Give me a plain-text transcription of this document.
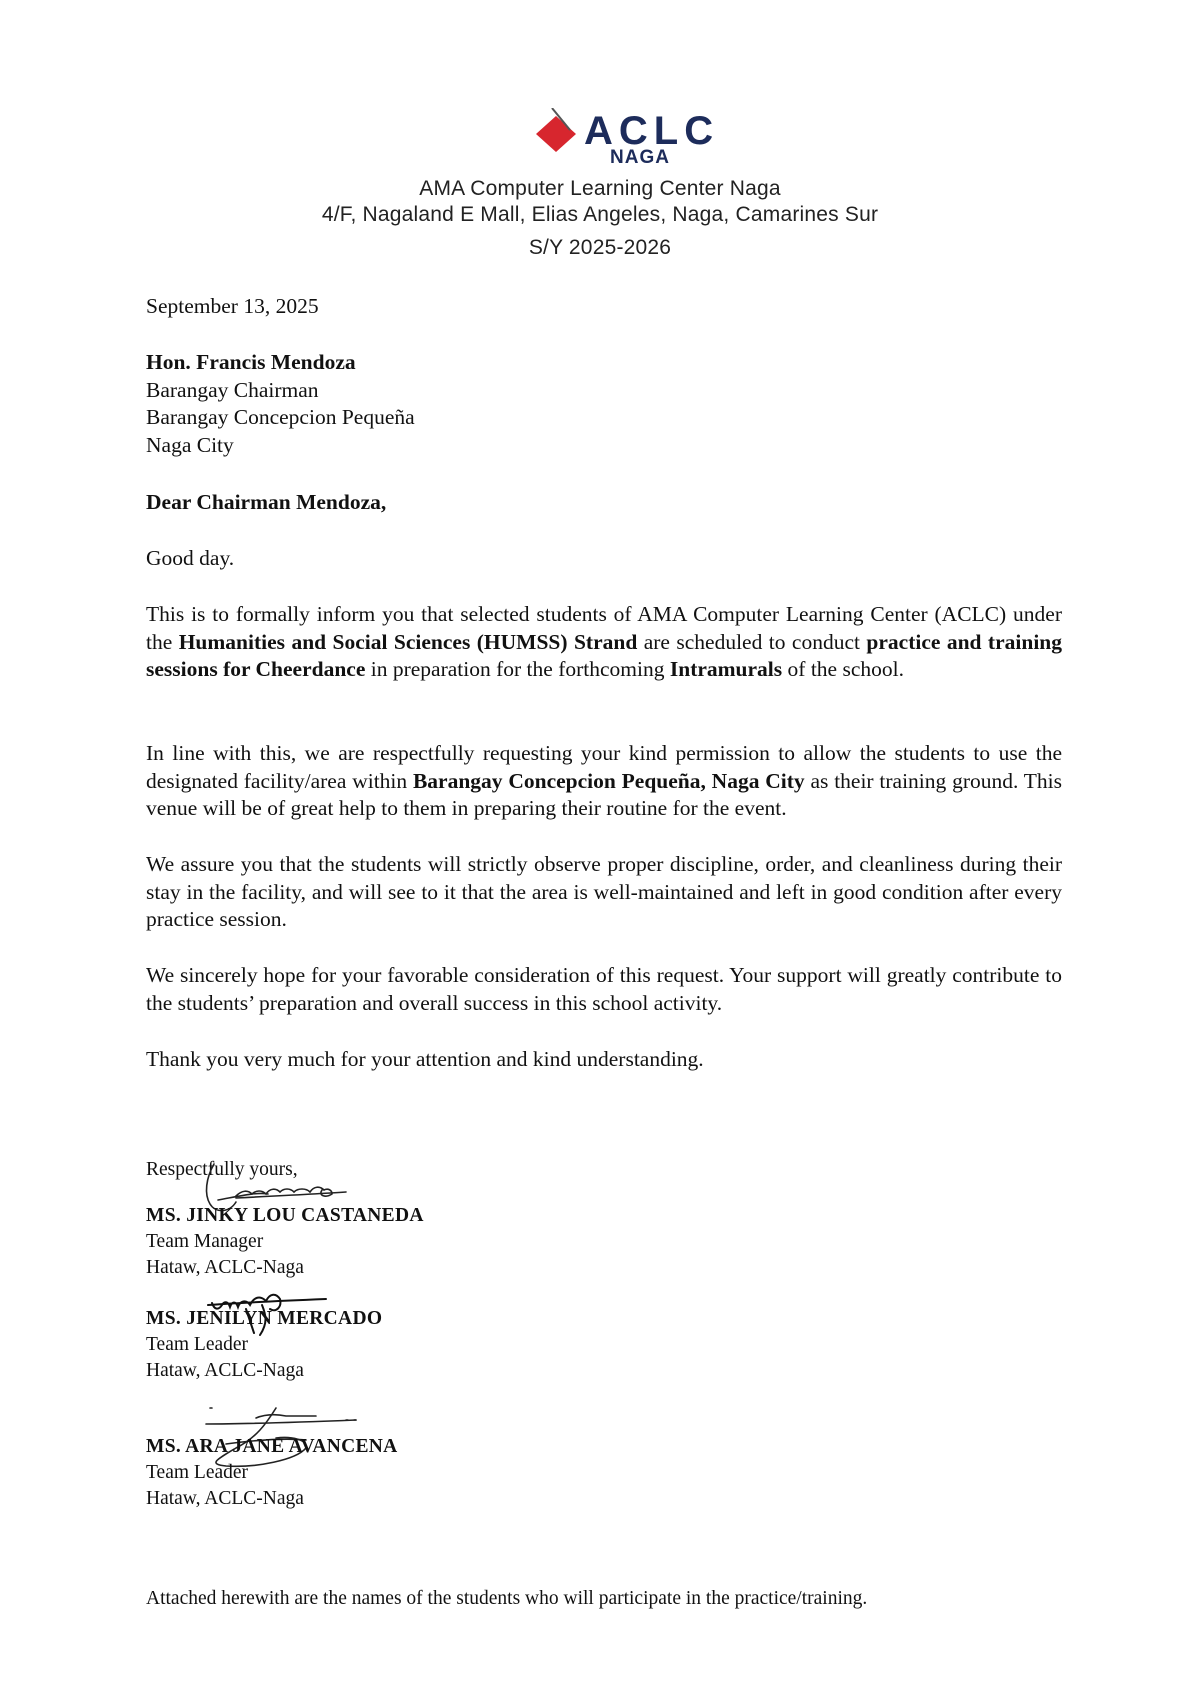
ACLC
NAGA
AMA Computer Learning Center Naga
4/F, Nagaland E Mall, Elias Angeles, Naga, Camarines Sur
S/Y 2025-2026
September 13, 2025
Hon. Francis Mendoza
Barangay Chairman
Barangay Concepcion Pequeña
Naga City
Dear Chairman Mendoza,
Good day.
This is to formally inform you that selected students of AMA Computer Learning Center (ACLC) under the Humanities and Social Sciences (HUMSS) Strand are scheduled to conduct practice and training sessions for Cheerdance in preparation for the forthcoming Intramurals of the school.
In line with this, we are respectfully requesting your kind permission to allow the students to use the designated facility/area within Barangay Concepcion Pequeña, Naga City as their training ground. This venue will be of great help to them in preparing their routine for the event.
We assure you that the students will strictly observe proper discipline, order, and cleanliness during their stay in the facility, and will see to it that the area is well-maintained and left in good condition after every practice session.
We sincerely hope for your favorable consideration of this request. Your support will greatly contribute to the students’ preparation and overall success in this school activity.
Thank you very much for your attention and kind understanding.
Respectfully yours,
MS. JINKY LOU CASTANEDA
Team Manager
Hataw, ACLC-Naga
MS. JENILYN MERCADO
Team Leader
Hataw, ACLC-Naga
MS. ARA JANE AVANCENA
Team Leader
Hataw, ACLC-Naga
Attached herewith are the names of the students who will participate in the practice/training.
